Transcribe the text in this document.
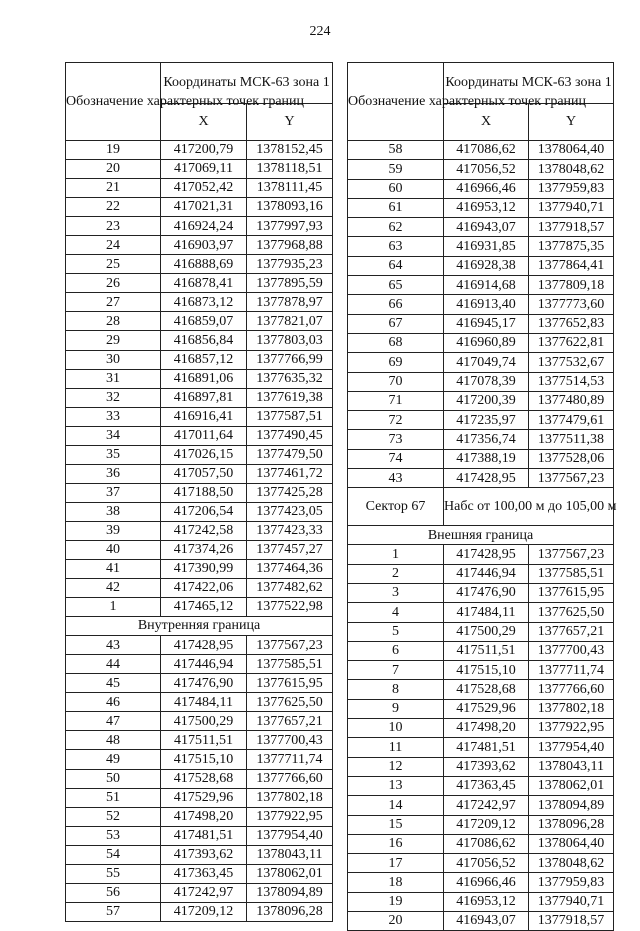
224
Обозначение характерных точек границ	Координаты МСК-63 зона 1	
	X	Y
19	417200,79	1378152,45
20	417069,11	1378118,51
21	417052,42	1378111,45
22	417021,31	1378093,16
23	416924,24	1377997,93
24	416903,97	1377968,88
25	416888,69	1377935,23
26	416878,41	1377895,59
27	416873,12	1377878,97
28	416859,07	1377821,07
29	416856,84	1377803,03
30	416857,12	1377766,99
31	416891,06	1377635,32
32	416897,81	1377619,38
33	416916,41	1377587,51
34	417011,64	1377490,45
35	417026,15	1377479,50
36	417057,50	1377461,72
37	417188,50	1377425,28
38	417206,54	1377423,05
39	417242,58	1377423,33
40	417374,26	1377457,27
41	417390,99	1377464,36
42	417422,06	1377482,62
1	417465,12	1377522,98
Внутренняя граница		
43	417428,95	1377567,23
44	417446,94	1377585,51
45	417476,90	1377615,95
46	417484,11	1377625,50
47	417500,29	1377657,21
48	417511,51	1377700,43
49	417515,10	1377711,74
50	417528,68	1377766,60
51	417529,96	1377802,18
52	417498,20	1377922,95
53	417481,51	1377954,40
54	417393,62	1378043,11
55	417363,45	1378062,01
56	417242,97	1378094,89
57	417209,12	1378096,28
Обозначение характерных точек границ	Координаты МСК-63 зона 1	
	X	Y
58	417086,62	1378064,40
59	417056,52	1378048,62
60	416966,46	1377959,83
61	416953,12	1377940,71
62	416943,07	1377918,57
63	416931,85	1377875,35
64	416928,38	1377864,41
65	416914,68	1377809,18
66	416913,40	1377773,60
67	416945,17	1377652,83
68	416960,89	1377622,81
69	417049,74	1377532,67
70	417078,39	1377514,53
71	417200,39	1377480,89
72	417235,97	1377479,61
73	417356,74	1377511,38
74	417388,19	1377528,06
43	417428,95	1377567,23
Сектор 67	Набс от 100,00 м до 105,00 м	
Внешняя граница		
1	417428,95	1377567,23
2	417446,94	1377585,51
3	417476,90	1377615,95
4	417484,11	1377625,50
5	417500,29	1377657,21
6	417511,51	1377700,43
7	417515,10	1377711,74
8	417528,68	1377766,60
9	417529,96	1377802,18
10	417498,20	1377922,95
11	417481,51	1377954,40
12	417393,62	1378043,11
13	417363,45	1378062,01
14	417242,97	1378094,89
15	417209,12	1378096,28
16	417086,62	1378064,40
17	417056,52	1378048,62
18	416966,46	1377959,83
19	416953,12	1377940,71
20	416943,07	1377918,57
